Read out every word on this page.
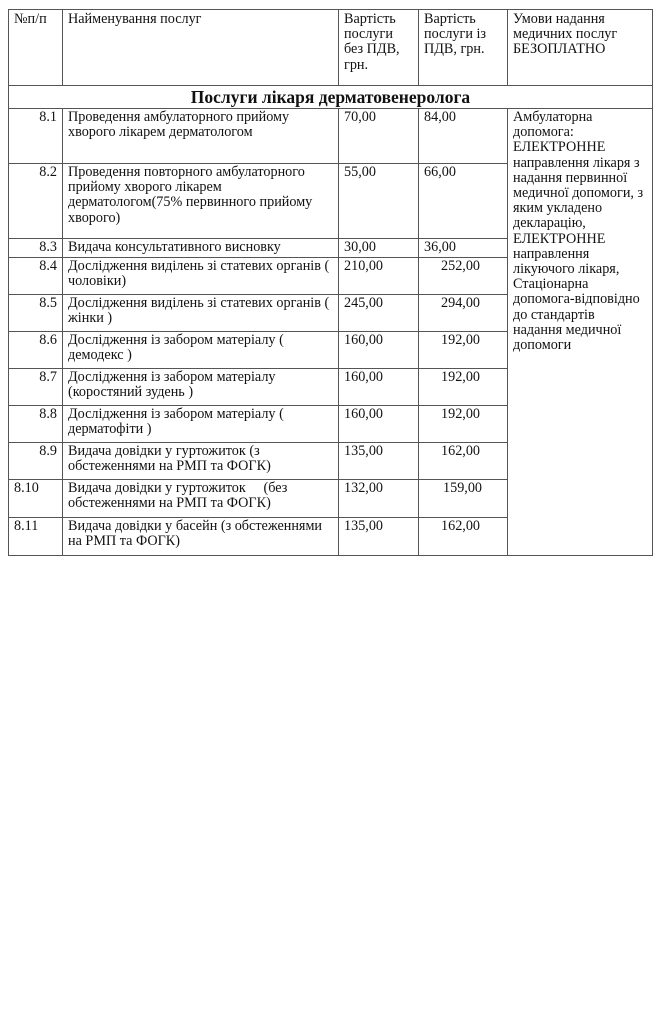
№п/п	Найменування послуг	Вартість послуги без ПДВ, грн.	Вартість послуги із ПДВ, грн.	Умови надання медичних послуг БЕЗОПЛАТНО
Послуги лікаря дерматовенеролога				
8.1	Проведення амбулаторного прийому хворого лікарем дерматологом	70,00	84,00	Амбулаторна допомога: ЕЛЕКТРОННЕ направлення лікаря з надання первинної медичної допомоги, з яким укладено декларацію, ЕЛЕКТРОННЕ направлення лікуючого лікаря, Стаціонарна допомога-відповідно до стандартів надання медичної допомоги
8.2	Проведення повторного амбулаторного прийому хворого лікарем дерматологом(75% первинного прийому хворого)	55,00	66,00	
8.3	Видача консультативного висновку	30,00	36,00	
8.4	Дослідження виділень зі статевих органів ( чоловіки)	210,00	252,00	
8.5	Дослідження виділень зі статевих органів ( жінки )	245,00	294,00	
8.6	Дослідження із забором матеріалу ( демодекс )	160,00	192,00	
8.7	Дослідження із забором матеріалу (коростяний зудень )	160,00	192,00	
8.8	Дослідження із забором матеріалу ( дерматофіти )	160,00	192,00	
8.9	Видача довідки у гуртожиток (з обстеженнями на РМП та ФОГК)	135,00	162,00	
8.10	Видача довідки у гуртожиток     (без обстеженнями на РМП та ФОГК)	132,00	159,00	
8.11	Видача довідки у басейн (з обстеженнями на РМП та ФОГК)	135,00	162,00	
